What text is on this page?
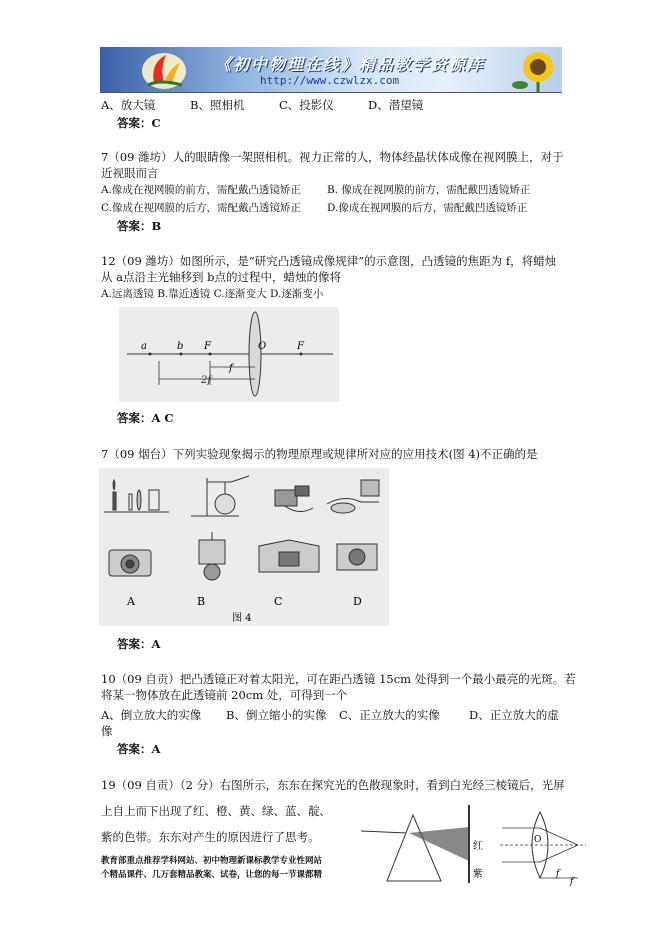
《初中物理在线》精品教学资源库
http://www.czwlzx.com
A、放大镜	B、照相机	C、投影仪	D、潜望镜
答案：C
7（09 潍坊）人的眼睛像一架照相机。视力正常的人，物体经晶状体成像在视网膜上，对于
近视眼而言
A.像成在视网膜的前方，需配戴凸透镜矫正 B. 像成在视网膜的前方，需配戴凹透镜矫正
C.像成在视网膜的后方，需配戴凸透镜矫正 D.像成在视网膜的后方，需配戴凹透镜矫正
答案：B
12（09 潍坊）如图所示，是“研究凸透镜成像规律”的示意图，凸透镜的焦距为 f，将蜡烛
从 a点沿主光轴移到 b点的过程中，蜡烛的像将
A.远离透镜 B.靠近透镜 C.逐渐变大 D.逐渐变小
a	b F
f
O	F
2f
答案：A C
7（09 烟台）下列实验现象揭示的物理原理或规律所对应的应用技术(图 4)不正确的是
A	B	C	D
图 4
答案：A
10（09 自贡）把凸透镜正对着太阳光，可在距凸透镜 15cm 处得到一个最小最亮的光斑。若
将某一物体放在此透镜前 20cm 处，可得到一个
A、倒立放大的实像 B、倒立缩小的实像 C、正立放大的实像	D、正立放大的虚
像
答案：A
19（09 自贡）（2 分）右图所示，东东在探究光的色散现象时，看到白光经三棱镜后，光屏
上自上而下出现了红、橙、黄、绿、蓝、靛、
紫的色带。东东对产生的原因进行了思考。
红
紫
O
f
f
教育部重点推荐学科网站、初中物理新课标教学专业性网站
个精品课件、几万套精品教案、试卷，让您的每一节课都精
